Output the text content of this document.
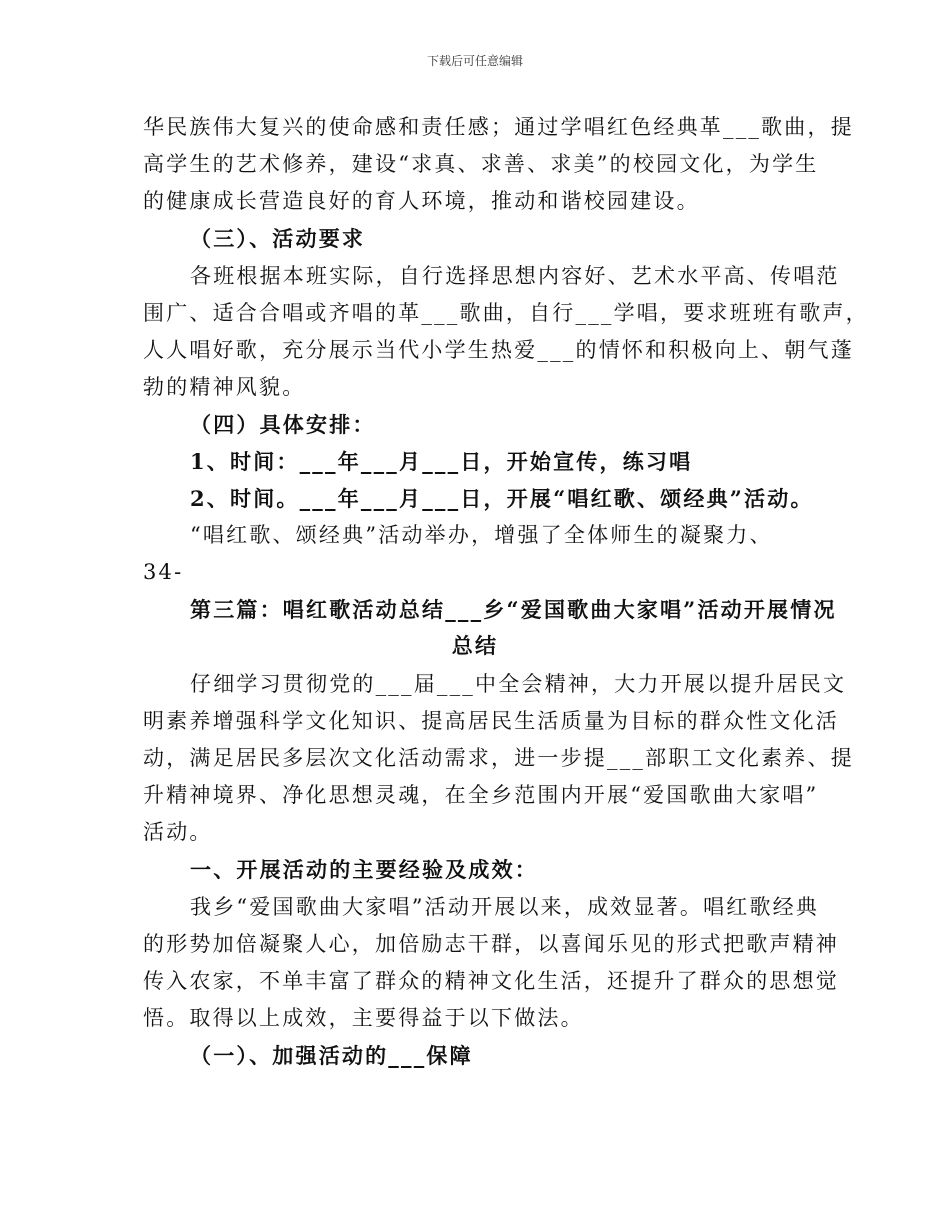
下载后可任意编辑
华民族伟大复兴的使命感和责任感；通过学唱红色经典革___歌曲，提
高学生的艺术修养，建设“求真、求善、求美”的校园文化，为学生
的健康成长营造良好的育人环境，推动和谐校园建设。
（三）、活动要求
各班根据本班实际，自行选择思想内容好、艺术水平高、传唱范
围广、适合合唱或齐唱的革___歌曲，自行___学唱，要求班班有歌声，
人人唱好歌，充分展示当代小学生热爱___的情怀和积极向上、朝气蓬
勃的精神风貌。
（四）具体安排：
1、时间：___年___月___日，开始宣传，练习唱
2、时间。___年___月___日，开展“唱红歌、颂经典”活动。
“唱红歌、颂经典”活动举办，增强了全体师生的凝聚力、
34-
第三篇：唱红歌活动总结___乡“爱国歌曲大家唱”活动开展情况
总结
仔细学习贯彻党的___届___中全会精神，大力开展以提升居民文
明素养增强科学文化知识、提高居民生活质量为目标的群众性文化活
动，满足居民多层次文化活动需求，进一步提___部职工文化素养、提
升精神境界、净化思想灵魂，在全乡范围内开展“爱国歌曲大家唱”
活动。
一、开展活动的主要经验及成效：
我乡“爱国歌曲大家唱”活动开展以来，成效显著。唱红歌经典
的形势加倍凝聚人心，加倍励志干群，以喜闻乐见的形式把歌声精神
传入农家，不单丰富了群众的精神文化生活，还提升了群众的思想觉
悟。取得以上成效，主要得益于以下做法。
（一）、加强活动的___保障
